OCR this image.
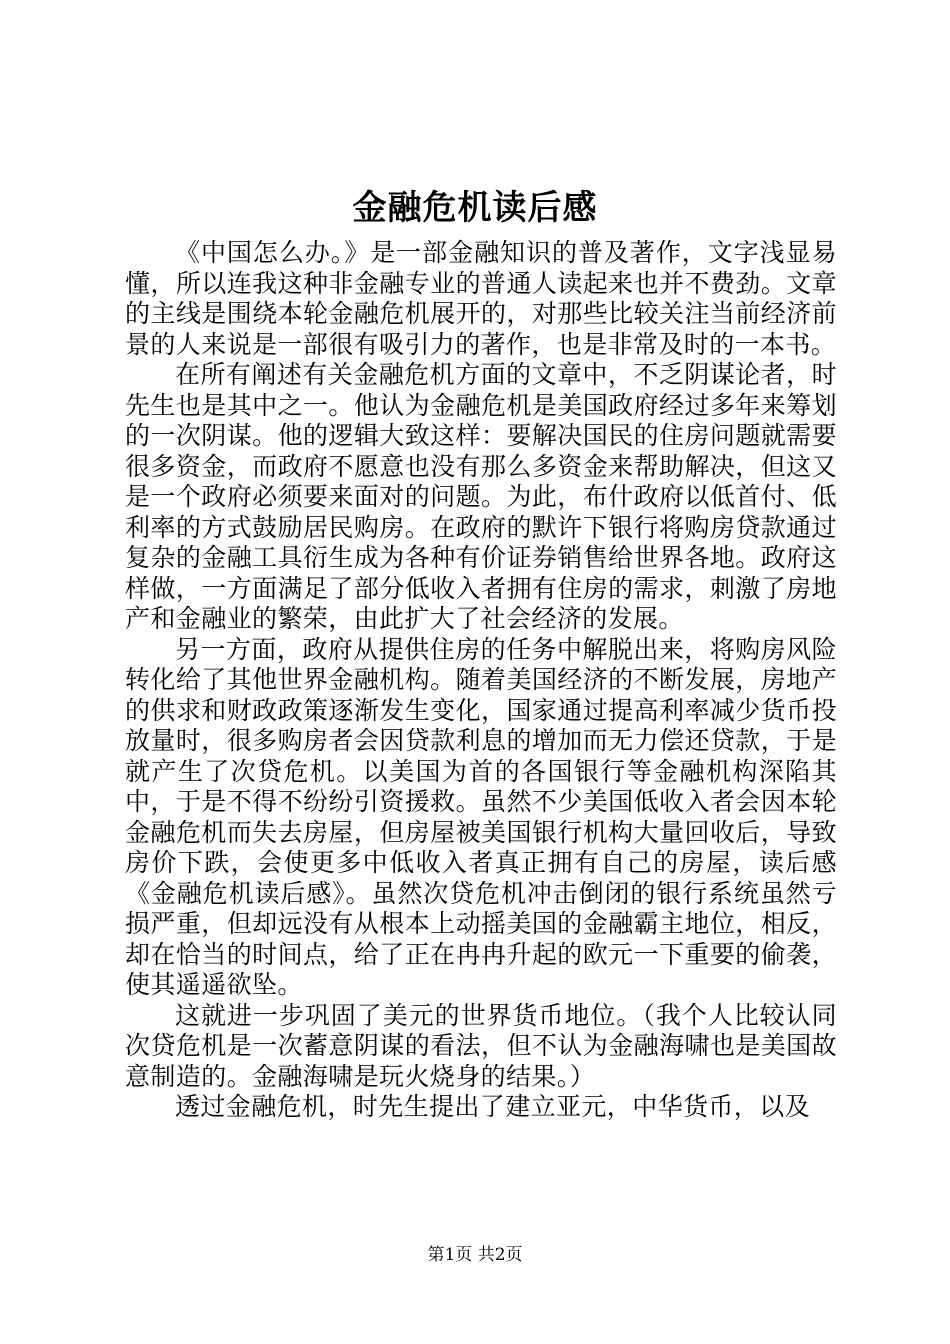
金融危机读后感

《中国怎么办。》是一部金融知识的普及著作，文字浅显易懂，所以连我这种非金融专业的普通人读起来也并不费劲。文章的主线是围绕本轮金融危机展开的，对那些比较关注当前经济前景的人来说是一部很有吸引力的著作，也是非常及时的一本书。

在所有阐述有关金融危机方面的文章中，不乏阴谋论者，时先生也是其中之一。他认为金融危机是美国政府经过多年来筹划的一次阴谋。他的逻辑大致这样：要解决国民的住房问题就需要很多资金，而政府不愿意也没有那么多资金来帮助解决，但这又是一个政府必须要来面对的问题。为此，布什政府以低首付、低利率的方式鼓励居民购房。在政府的默许下银行将购房贷款通过复杂的金融工具衍生成为各种有价证券销售给世界各地。政府这样做，一方面满足了部分低收入者拥有住房的需求，刺激了房地产和金融业的繁荣，由此扩大了社会经济的发展。

另一方面，政府从提供住房的任务中解脱出来，将购房风险转化给了其他世界金融机构。随着美国经济的不断发展，房地产的供求和财政政策逐渐发生变化，国家通过提高利率减少货币投放量时，很多购房者会因贷款利息的增加而无力偿还贷款，于是就产生了次贷危机。以美国为首的各国银行等金融机构深陷其中，于是不得不纷纷引资援救。虽然不少美国低收入者会因本轮金融危机而失去房屋，但房屋被美国银行机构大量回收后，导致房价下跌，会使更多中低收入者真正拥有自己的房屋，读后感《金融危机读后感》。虽然次贷危机冲击倒闭的银行系统虽然亏损严重，但却远没有从根本上动摇美国的金融霸主地位，相反，却在恰当的时间点，给了正在冉冉升起的欧元一下重要的偷袭，使其遥遥欲坠。

这就进一步巩固了美元的世界货币地位。（我个人比较认同次贷危机是一次蓄意阴谋的看法，但不认为金融海啸也是美国故意制造的。金融海啸是玩火烧身的结果。）

透过金融危机，时先生提出了建立亚元，中华货币，以及

第1页 共2页
